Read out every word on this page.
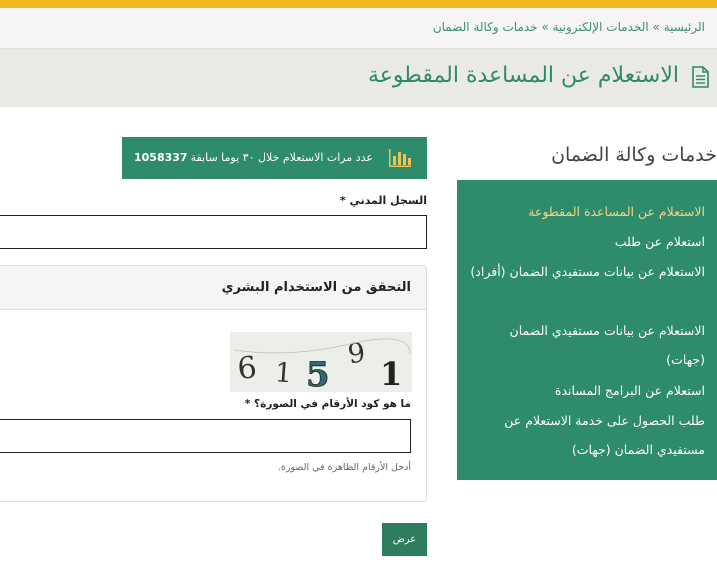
الرئيسية » الخدمات الإلكترونية » خدمات وكالة الضمان
الاستعلام عن المساعدة المقطوعة
1058337 عدد مرات الاستعلام خلال ٣٠ يوما سابقة
السجل المدني *
التحقق من الاستخدام البشري
6 1 5
9
1
ما هو كود الأرقام في الصورة؟ *
أدخل الأرقام الظاهرة في الصورة.
عرض
خدمات وكالة الضمان
الاستعلام عن المساعدة المقطوعة
استعلام عن طلب
الاستعلام عن بيانات مستفيدي الضمان (أفراد)
الاستعلام عن بيانات مستفيدي الضمان (جهات)
استعلام عن البرامج المساندة
طلب الحصول على خدمة الاستعلام عن مستفيدي الضمان (جهات)
